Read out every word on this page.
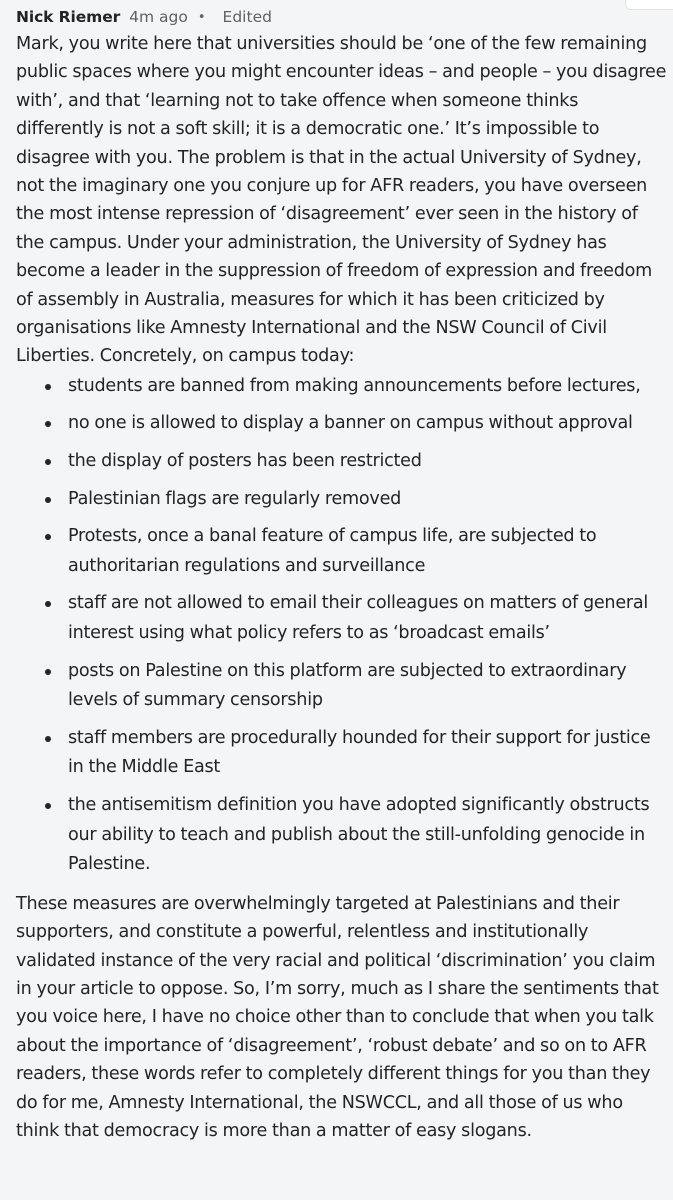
Nick Riemer 4m ago • Edited

Mark, you write here that universities should be ‘one of the few remaining public spaces where you might encounter ideas – and people – you disagree with’, and that ‘learning not to take offence when someone thinks differently is not a soft skill; it is a democratic one.’ It’s impossible to disagree with you. The problem is that in the actual University of Sydney, not the imaginary one you conjure up for AFR readers, you have overseen the most intense repression of ‘disagreement’ ever seen in the history of the campus. Under your administration, the University of Sydney has become a leader in the suppression of freedom of expression and freedom of assembly in Australia, measures for which it has been criticized by organisations like Amnesty International and the NSW Council of Civil Liberties. Concretely, on campus today:

students are banned from making announcements before lectures,
no one is allowed to display a banner on campus without approval
the display of posters has been restricted
Palestinian flags are regularly removed
Protests, once a banal feature of campus life, are subjected to authoritarian regulations and surveillance
staff are not allowed to email their colleagues on matters of general interest using what policy refers to as ‘broadcast emails’
posts on Palestine on this platform are subjected to extraordinary levels of summary censorship
staff members are procedurally hounded for their support for justice in the Middle East
the antisemitism definition you have adopted significantly obstructs our ability to teach and publish about the still-unfolding genocide in Palestine.

These measures are overwhelmingly targeted at Palestinians and their supporters, and constitute a powerful, relentless and institutionally validated instance of the very racial and political ‘discrimination’ you claim in your article to oppose. So, I’m sorry, much as I share the sentiments that you voice here, I have no choice other than to conclude that when you talk about the importance of ‘disagreement’, ‘robust debate’ and so on to AFR readers, these words refer to completely different things for you than they do for me, Amnesty International, the NSWCCL, and all those of us who think that democracy is more than a matter of easy slogans.
